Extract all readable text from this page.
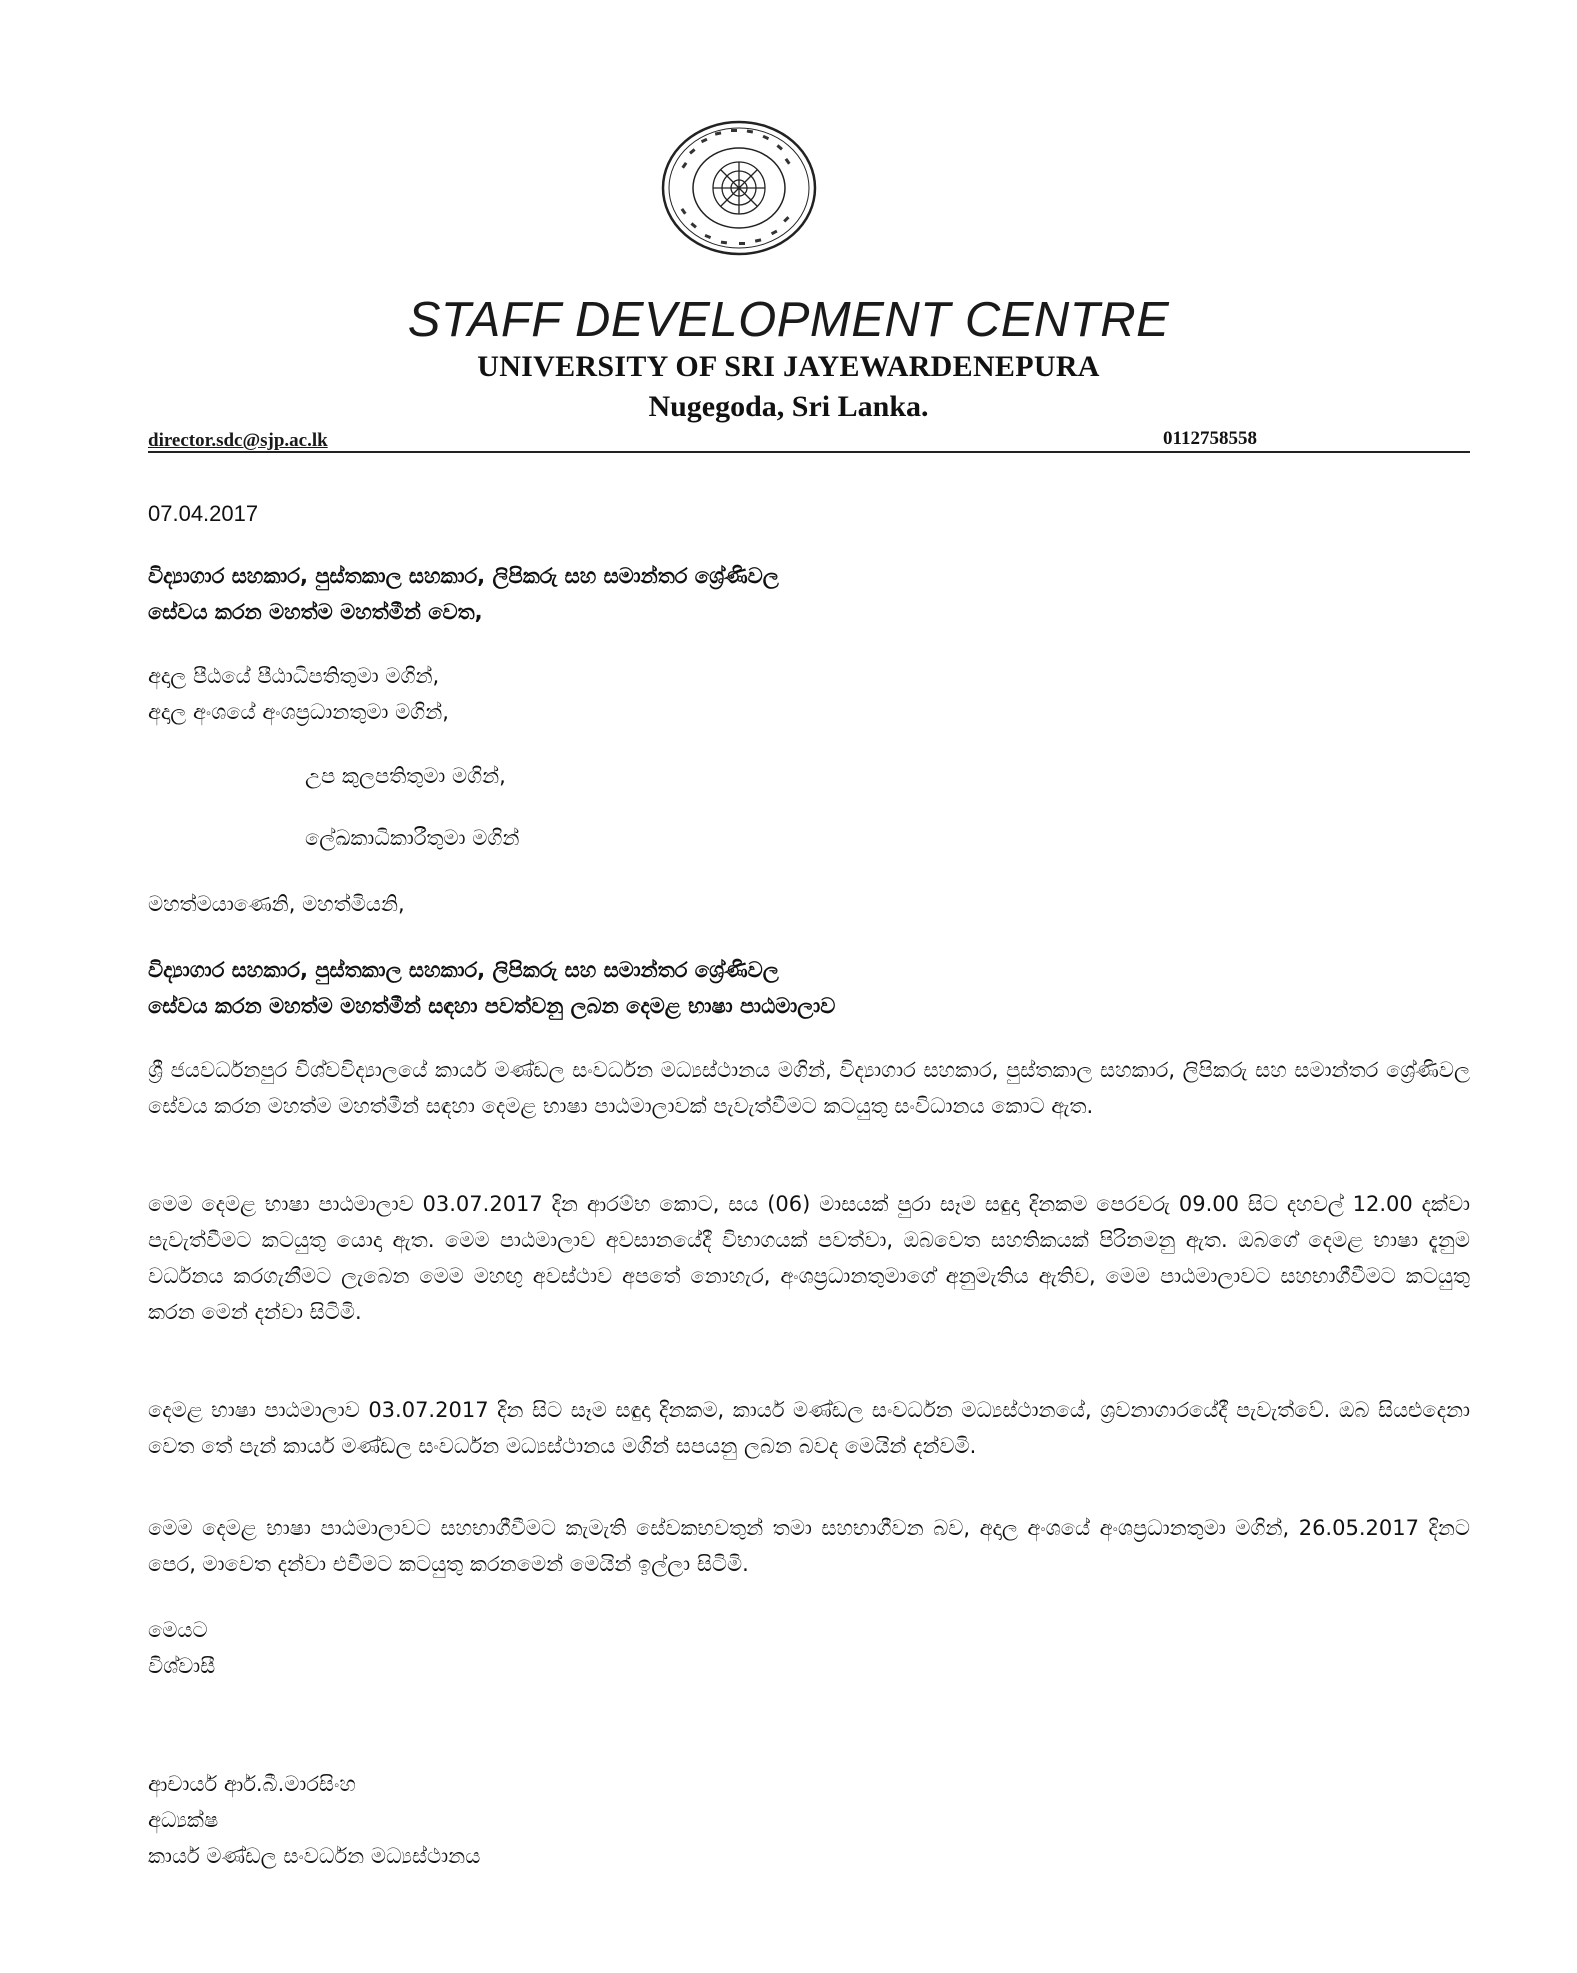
STAFF DEVELOPMENT CENTRE
UNIVERSITY OF SRI JAYEWARDENEPURA
Nugegoda, Sri Lanka.
director.sdc@sjp.ac.lk	0112758558
07.04.2017
විද්‍යාගාර සහකාර, පුස්තකාල සහකාර, ලිපිකරු සහ සමාන්තර ශ්‍රේණිවල
සේවය කරන මහත්ම මහත්මීන් වෙත,
අදාල පීඨයේ පීඨාධිපතිතුමා මගින්,
අදාල අංශයේ අංශප්‍රධානතුමා මගින්,
උප කුලපතිතුමා මගින්,
ලේඛකාධිකාරීතුමා මගින්
මහත්මයාණෙනි, මහත්මියනි,
විද්‍යාගාර සහකාර, පුස්තකාල සහකාර, ලිපිකරු සහ සමාන්තර ශ්‍රේණිවල
සේවය කරන මහත්ම මහත්මීන් සඳහා පවත්වනු ලබන දෙමළ භාෂා පාඨමාලාව
ශ්‍රී ජයවර්ධනපුර විශ්වවිද්‍යාලයේ කාර්ය මණ්ඩල සංවර්ධන මධ්‍යස්ථානය මගින්, විද්‍යාගාර සහකාර, පුස්තකාල සහකාර, ලිපිකරු සහ සමාන්තර ශ්‍රේණිවල සේවය කරන මහත්ම මහත්මීන් සඳහා දෙමළ භාෂා පාඨමාලාවක් පැවැත්වීමට කටයුතු සංවිධානය කොට ඇත.
මෙම දෙමළ භාෂා පාඨමාලාව 03.07.2017 දින ආරම්භ කොට, සය (06) මාසයක් පුරා සෑම සඳුදා දිනකම පෙරවරු 09.00 සිට දහවල් 12.00 දක්වා පැවැත්වීමට කටයුතු යොදා ඇත. මෙම පාඨමාලාව අවසානයේදී විභාගයක් පවත්වා, ඔබවෙත සහතිකයක් පිරිනමනු ඇත. ඔබගේ දෙමළ භාෂා දැනුම වර්ධනය කරගැනීමට ලැබෙන මෙම මහඟු අවස්ථාව අපතේ නොහැර, අංශප්‍රධානතුමාගේ අනුමැතිය ඇතිව, මෙම පාඨමාලාවට සහභාගීවීමට කටයුතු කරන මෙන් දන්වා සිටිමි.
දෙමළ භාෂා පාඨමාලාව 03.07.2017 දින සිට සෑම සඳුදා දිනකම, කාර්ය මණ්ඩල සංවර්ධන මධ්‍යස්ථානයේ, ශ්‍රවනාගාරයේදී පැවැත්වේ. ඔබ සියළුදෙනා වෙත තේ පැන් කාර්ය මණ්ඩල සංවර්ධන මධ්‍යස්ථානය මගින් සපයනු ලබන බවද මෙයින් දන්වමි.
මෙම දෙමළ භාෂා පාඨමාලාවට සහභාගීවීමට කැමැති සේවකභවතුන් තමා සහභාගීවන බව, අදාල අංශයේ අංශප්‍රධානතුමා මගින්, 26.05.2017 දිනට පෙර, මාවෙත දන්වා එවීමට කටයුතු කරනමෙන් මෙයින් ඉල්ලා සිටිමි.
මෙයට
විශ්වාසී
ආචාර්ය ආර්.බී.මාරසිංහ
අධ්‍යක්ෂ
කාර්ය මණ්ඩල සංවර්ධන මධ්‍යස්ථානය
